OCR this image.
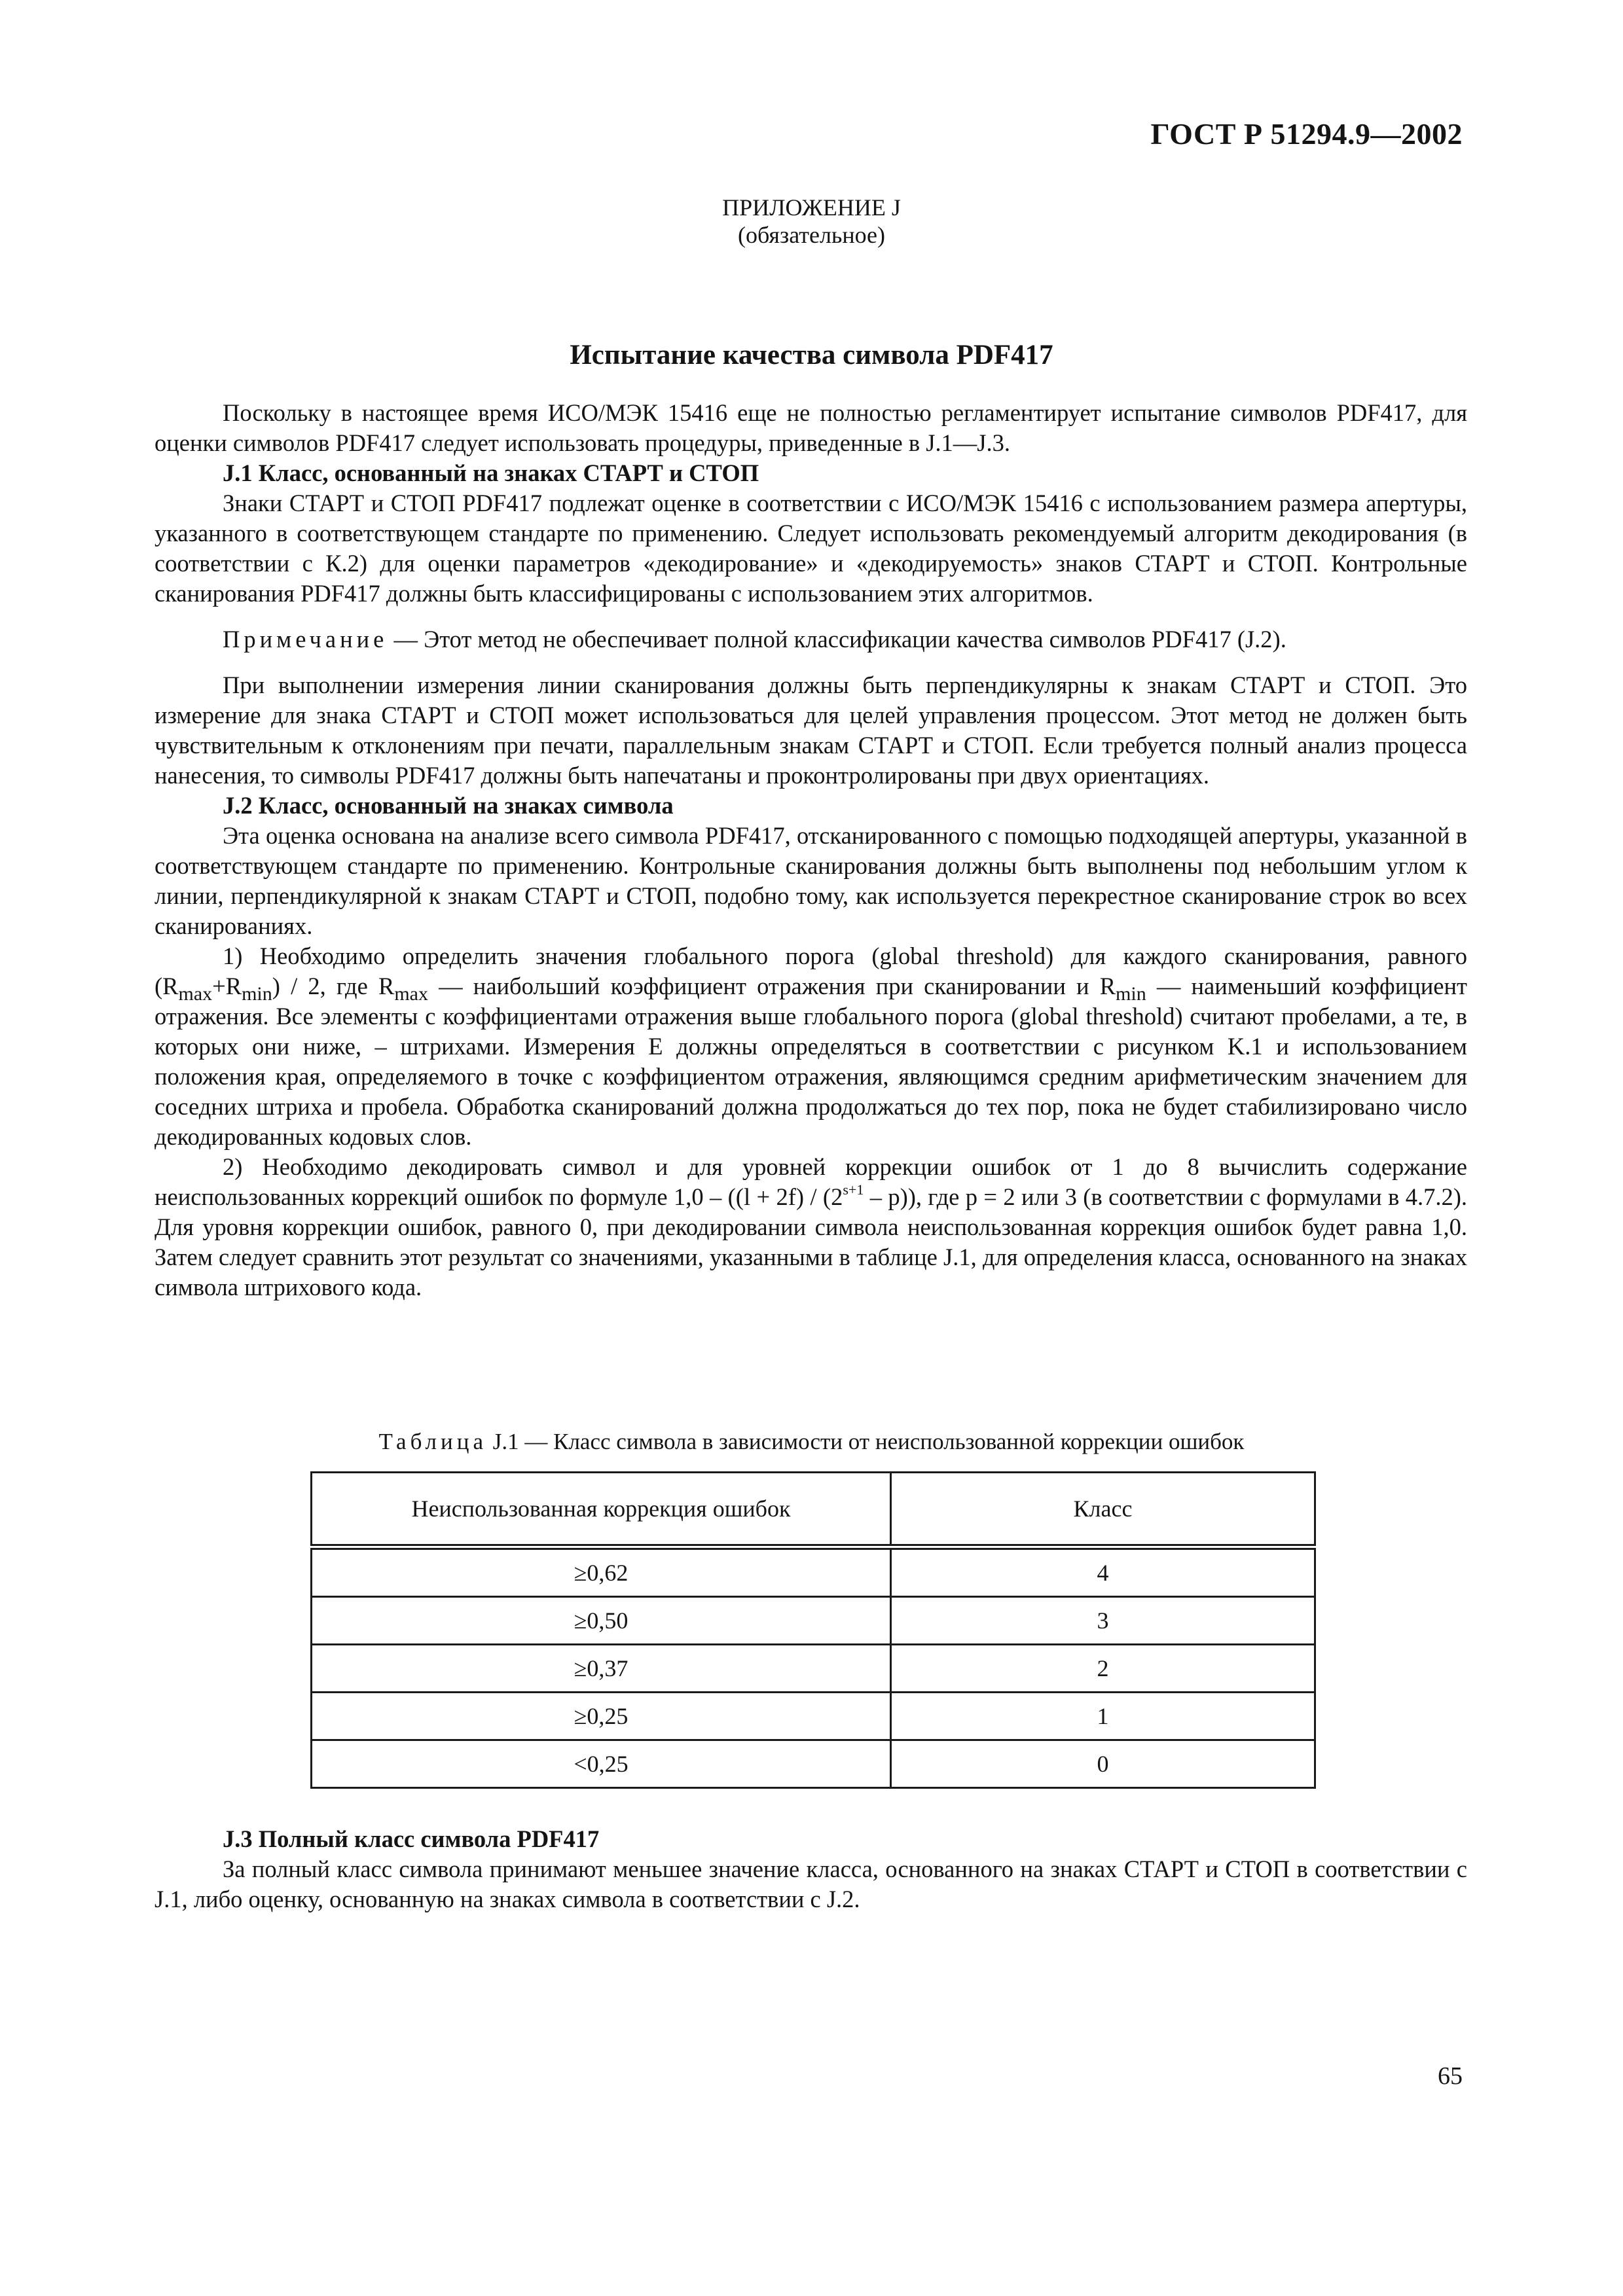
ГОСТ Р 51294.9—2002
ПРИЛОЖЕНИЕ J
(обязательное)
Испытание качества символа PDF417

Поскольку в настоящее время ИСО/МЭК 15416 еще не полностью регламентирует испытание символов PDF417, для оценки символов PDF417 следует использовать процедуры, приведенные в J.1—J.3.

J.1 Класс, основанный на знаках СТАРТ и СТОП

Знаки СТАРТ и СТОП PDF417 подлежат оценке в соответствии с ИСО/МЭК 15416 с использованием размера апертуры, указанного в соответствующем стандарте по применению. Следует использовать рекомендуемый алгоритм декодирования (в соответствии с К.2) для оценки параметров «декодирование» и «декодируемость» знаков СТАРТ и СТОП. Контрольные сканирования PDF417 должны быть классифицированы с использованием этих алгоритмов.

Примечание — Этот метод не обеспечивает полной классификации качества символов PDF417 (J.2).

При выполнении измерения линии сканирования должны быть перпендикулярны к знакам СТАРТ и СТОП. Это измерение для знака СТАРТ и СТОП может использоваться для целей управления процессом. Этот метод не должен быть чувствительным к отклонениям при печати, параллельным знакам СТАРТ и СТОП. Если требуется полный анализ процесса нанесения, то символы PDF417 должны быть напечатаны и проконтролированы при двух ориентациях.

J.2 Класс, основанный на знаках символа

Эта оценка основана на анализе всего символа PDF417, отсканированного с помощью подходящей апертуры, указанной в соответствующем стандарте по применению. Контрольные сканирования должны быть выполнены под небольшим углом к линии, перпендикулярной к знакам СТАРТ и СТОП, подобно тому, как используется перекрестное сканирование строк во всех сканированиях.

1) Необходимо определить значения глобального порога (global threshold) для каждого сканирования, равного $(R_{max}+R_{min}) / 2$, где $R_{max}$ — наибольший коэффициент отражения при сканировании и $R_{min}$ — наименьший коэффициент отражения. Все элементы с коэффициентами отражения выше глобального порога (global threshold) считают пробелами, а те, в которых они ниже, – штрихами. Измерения E должны определяться в соответствии с рисунком K.1 и использованием положения края, определяемого в точке с коэффициентом отражения, являющимся средним арифметическим значением для соседних штриха и пробела. Обработка сканирований должна продолжаться до тех пор, пока не будет стабилизировано число декодированных кодовых слов.

2) Необходимо декодировать символ и для уровней коррекции ошибок от 1 до 8 вычислить содержание неиспользованных коррекций ошибок по формуле $1,0 - ((l + 2f) / (2^{s+1} - p))$, где p = 2 или 3 (в соответствии с формулами в 4.7.2). Для уровня коррекции ошибок, равного 0, при декодировании символа неиспользованная коррекция ошибок будет равна 1,0. Затем следует сравнить этот результат со значениями, указанными в таблице J.1, для определения класса, основанного на знаках символа штрихового кода.

Таблица J.1 — Класс символа в зависимости от неиспользованной коррекции ошибок
Неиспользованная коррекция ошибок	Класс
≥0,62	4
≥0,50	3
≥0,37	2
≥0,25	1
<0,25	0

J.3 Полный класс символа PDF417

За полный класс символа принимают меньшее значение класса, основанного на знаках СТАРТ и СТОП в соответствии с J.1, либо оценку, основанную на знаках символа в соответствии с J.2.

65
